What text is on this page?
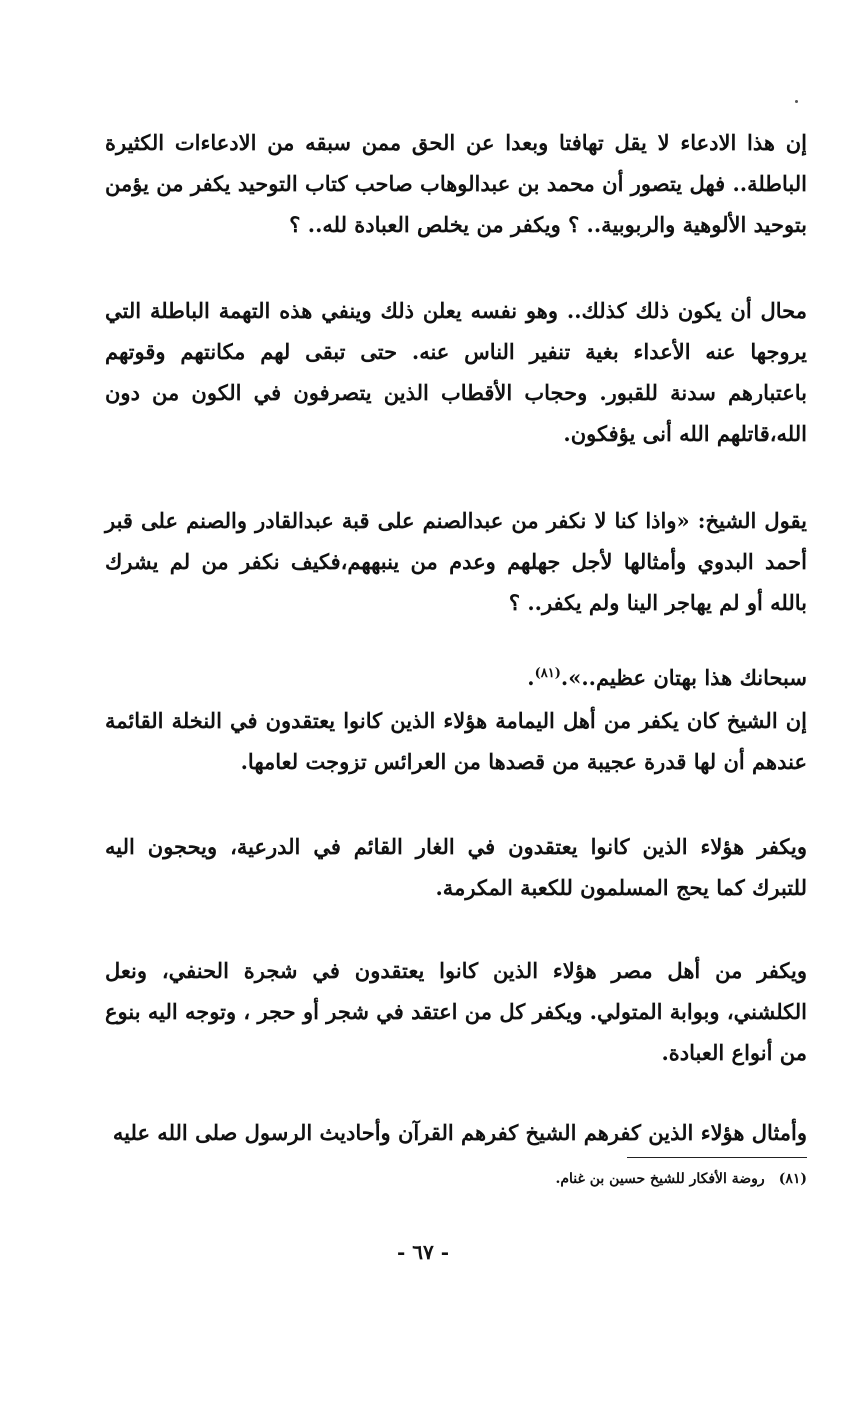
إن هذا الادعاء لا يقل تهافتا وبعدا عن الحق ممن سبقه من الادعاءات الكثيرة الباطلة.. فهل يتصور أن محمد بن عبدالوهاب صاحب كتاب التوحيد يكفر من يؤمن بتوحيد الألوهية والربوبية.. ؟ ويكفر من يخلص العبادة لله.. ؟

محال أن يكون ذلك كذلك.. وهو نفسه يعلن ذلك وينفي هذه التهمة الباطلة التي يروجها عنه الأعداء بغية تنفير الناس عنه. حتى تبقى لهم مكانتهم وقوتهم باعتبارهم سدنة للقبور. وحجاب الأقطاب الذين يتصرفون في الكون من دون الله،قاتلهم الله أنى يؤفكون.

يقول الشيخ: «واذا كنا لا نكفر من عبدالصنم على قبة عبدالقادر والصنم على قبر أحمد البدوي وأمثالها لأجل جهلهم وعدم من ينبههم،فكيف نكفر من لم يشرك بالله أو لم يهاجر الينا ولم يكفر.. ؟

سبحانك هذا بهتان عظيم..».$^{(٨١)}$.

إن الشيخ كان يكفر من أهل اليمامة هؤلاء الذين كانوا يعتقدون في النخلة القائمة عندهم أن لها قدرة عجيبة من قصدها من العرائس تزوجت لعامها.

ويكفر هؤلاء الذين كانوا يعتقدون في الغار القائم في الدرعية، ويحجون اليه للتبرك كما يحج المسلمون للكعبة المكرمة.

ويكفر من أهل مصر هؤلاء الذين كانوا يعتقدون في شجرة الحنفي، ونعل الكلشني، وبوابة المتولي. ويكفر كل من اعتقد في شجر أو حجر ، وتوجه اليه بنوع من أنواع العبادة.

وأمثال هؤلاء الذين كفرهم الشيخ كفرهم القرآن وأحاديث الرسول صلى الله عليه

(٨١)روضة الأفكار للشيخ حسين بن غنام.

- ٦٧ -
